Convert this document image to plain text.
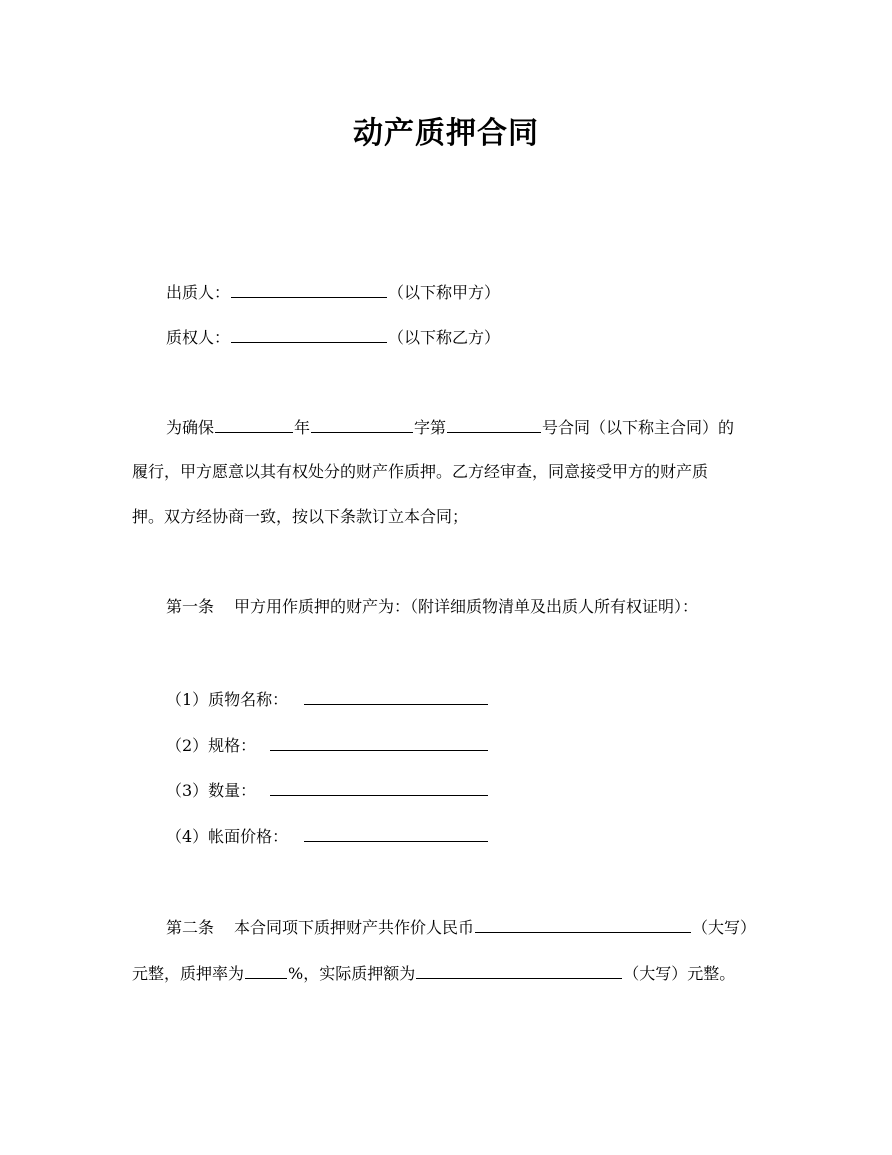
动产质押合同
出质人：	（以下称甲方）
质权人：	（以下称乙方）
为确保	年	字第	号合同（以下称主合同）的
履行，甲方愿意以其有权处分的财产作质押。乙方经审查，同意接受甲方的财产质
押。双方经协商一致，按以下条款订立本合同；
第一条 甲方用作质押的财产为：（附详细质物清单及出质人所有权证明）：
（1）质物名称：
（2）规格：
（3）数量：
（4）帐面价格：
第二条 本合同项下质押财产共作价人民币	（大写）
元整，质押率为	%，实际质押额为	（大写）元整。
